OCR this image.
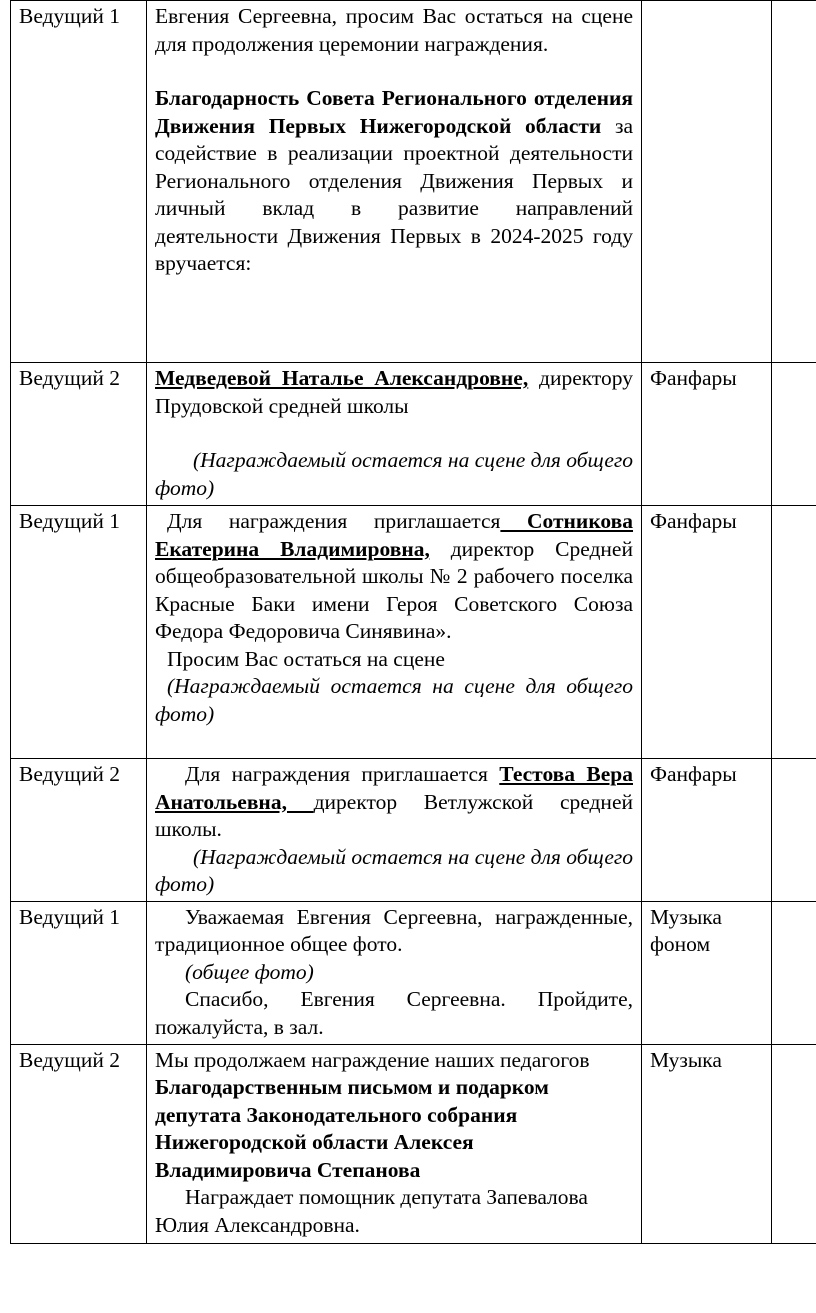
Ведущий 1	Евгения Сергеевна, просим Вас остаться на сцене для продолжения церемонии награждения.

Благодарность Совета Регионального отделения Движения Первых Нижегородской области за содействие в реализации проектной деятельности Регионального отделения Движения Первых и личный вклад в развитие направлений деятельности Движения Первых в 2024-2025 году вручается:		

Ведущий 2	Медведевой Наталье Александровне, директору Прудовской средней школы

(Награждаемый остается на сцене для общего фото)	Фанфары	
Ведущий 1	Для награждения приглашается Сотникова Екатерина Владимировна, директор Средней общеобразовательной школы № 2 рабочего поселка Красные Баки имени Героя Советского Союза Федора Федоровича Синявина».

Просим Вас остаться на сцене

(Награждаемый остается на сцене для общего фото)	Фанфары	
Ведущий 2	Для награждения приглашается Тестова Вера Анатольевна, директор Ветлужской средней школы.

(Награждаемый остается на сцене для общего фото)	Фанфары	
Ведущий 1	Уважаемая Евгения Сергеевна, награжденные, традиционное общее фото.

(общее фото)

Спасибо, Евгения Сергеевна. Пройдите, пожалуйста, в зал.	Музыка фоном	
Ведущий 2	Мы продолжаем награждение наших педагогов Благодарственным письмом и подарком депутата Законодательного собрания Нижегородской области Алексея Владимировича Степанова

Награждает помощник депутата Запевалова Юлия Александровна.	Музыка	
